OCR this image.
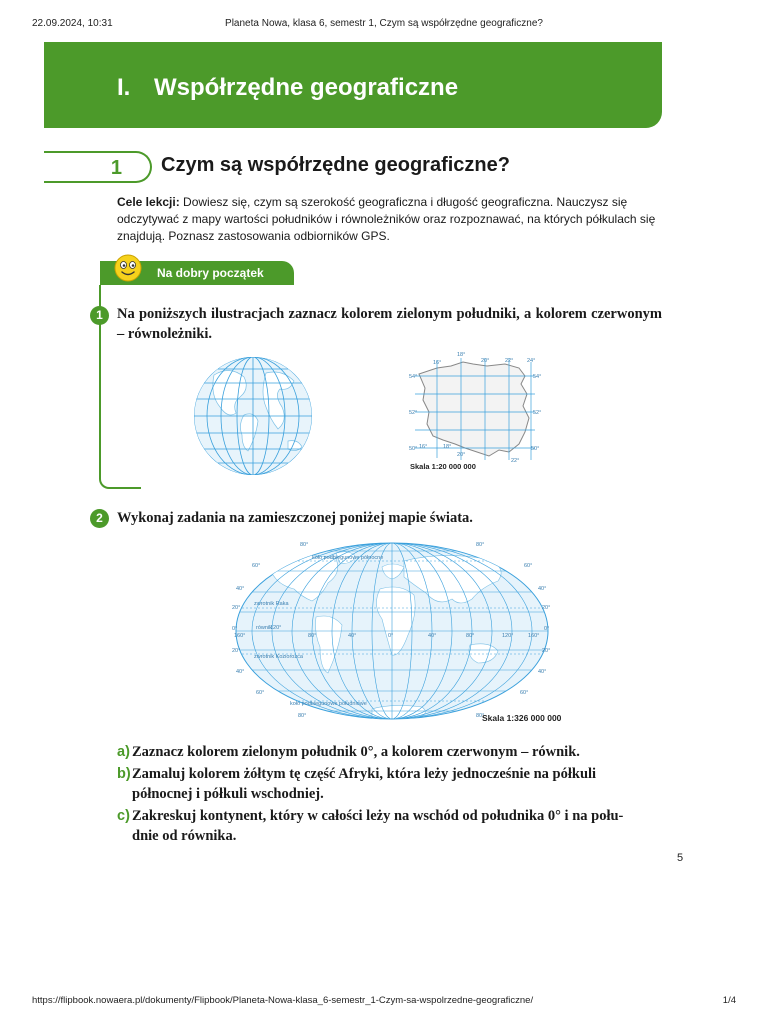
22.09.2024, 10:31	Planeta Nowa, klasa 6, semestr 1, Czym są współrzędne geograficzne?
I. Współrzędne geograficzne
1 Czym są współrzędne geograficzne?
Cele lekcji: Dowiesz się, czym są szerokość geograficzna i długość geograficzna. Nauczysz się odczytywać z mapy wartości południków i równoleżników oraz rozpoznawać, na których półkulach się znajdują. Poznasz zastosowania odbiorników GPS.
Na dobry początek
1 Na poniższych ilustracjach zaznacz kolorem zielonym południki, a kolorem czerwonym – równoleżniki.
16°
18°
20°	22° 24°
54°
52°
50°
54°
52°
50°
16°	18°
20°
22°
Skala 1:20 000 000
2 Wykonaj zadania na zamieszczonej poniżej mapie świata.
koło podbiegunowe północne
zwrotnik Raka
równik
zwrotnik Koziorożca
koło podbiegunowe południowe
80°
60°
40°
20°
0°
20°
40°
60°
80°
80°
60°
40°
20°
0°
20°
40°
60°
80°
160°
120°
80°	40°	0°	40°	80°	120°	160°
Skala 1:326 000 000
a) Zaznacz kolorem zielonym południk 0°, a kolorem czerwonym – równik.
b)Zamaluj kolorem żółtym tę część Afryki, która leży jednocześnie na półkuli
północnej i półkuli wschodniej.
c) Zakreskuj kontynent, który w całości leży na wschód od południka 0° i na połu-
dnie od równika.
5
https://flipbook.nowaera.pl/dokumenty/Flipbook/Planeta-Nowa-klasa_6-semestr_1-Czym-sa-wspolrzedne-geograficzne/	1/4
